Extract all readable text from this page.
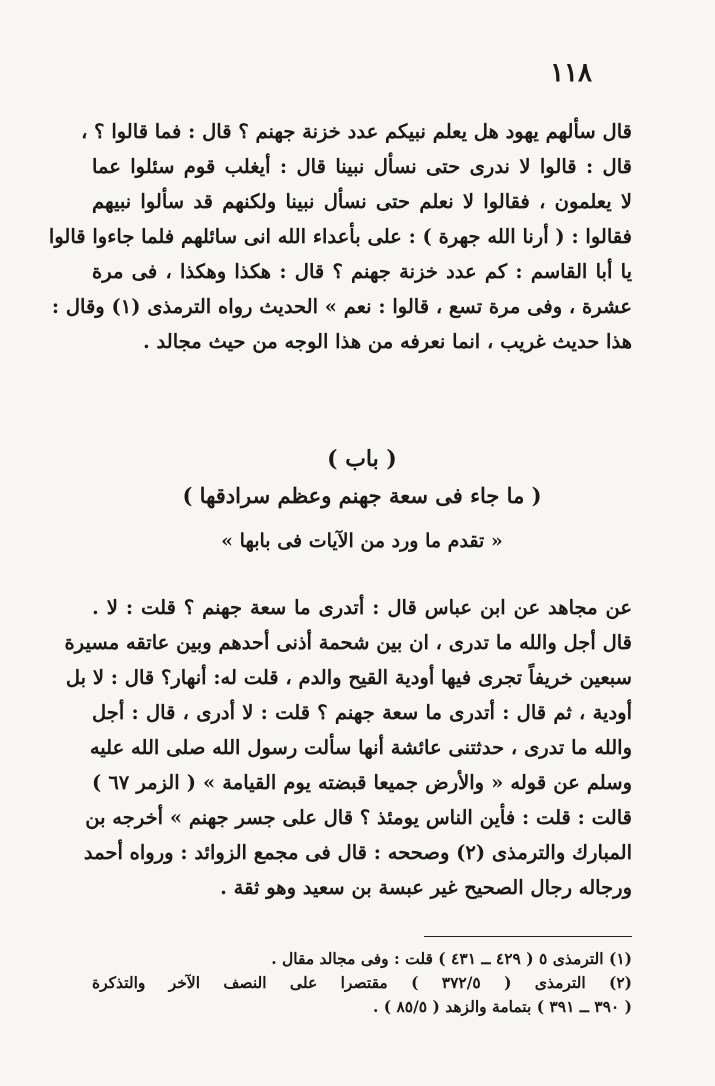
١١٨
قال سألهم يهود هل يعلم نبيكم عدد خزنة جهنم ؟ قال : فما قالوا ؟ ،
قال : قالوا لا ندرى حتى نسأل نبينا قال : أيغلب قوم سئلوا عما
لا يعلمون ، فقالوا لا نعلم حتى نسأل نبينا ولكنهم قد سألوا نبيهم
فقالوا : ( أرنا الله جهرة ) : على بأعداء الله انى سائلهم فلما جاءوا قالوا
يا أبا القاسم : كم عدد خزنة جهنم ؟ قال : هكذا وهكذا ، فى مرة
عشرة ، وفى مرة تسع ، قالوا : نعم » الحديث رواه الترمذى (١) وقال :
هذا حديث غريب ، انما نعرفه من هذا الوجه من حيث مجالد .
( باب )
( ما جاء فى سعة جهنم وعظم سرادقها )
« تقدم ما ورد من الآيات فى بابها »
عن مجاهد عن ابن عباس قال : أتدرى ما سعة جهنم ؟ قلت : لا .
قال أجل والله ما تدرى ، ان بين شحمة أذنى أحدهم وبين عاتقه مسيرة
سبعين خريفاً تجرى فيها أودية القيح والدم ، قلت له: أنهار؟ قال : لا بل
أودية ، ثم قال : أتدرى ما سعة جهنم ؟ قلت : لا أدرى ، قال : أجل
والله ما تدرى ، حدثتنى عائشة أنها سألت رسول الله صلى الله عليه
وسلم عن قوله « والأرض جميعا قبضته يوم القيامة » ( الزمر ٦٧ )
قالت : قلت : فأين الناس يومئذ ؟ قال على جسر جهنم » أخرجه بن
المبارك والترمذى (٢) وصححه : قال فى مجمع الزوائد : ورواه أحمد
ورجاله رجال الصحيح غير عبسة بن سعيد وهو ثقة .
(١) الترمذى ٥ ( ٤٢٩ ــ ٤٣١ ) قلت : وفى مجالد مقال .
(٢) الترمذى ( ٣٧٢/٥ ) مقتصرا على النصف الآخر والتذكرة
( ٣٩٠ ــ ٣٩١ ) بتمامة والزهد ( ٨٥/٥ ) .
